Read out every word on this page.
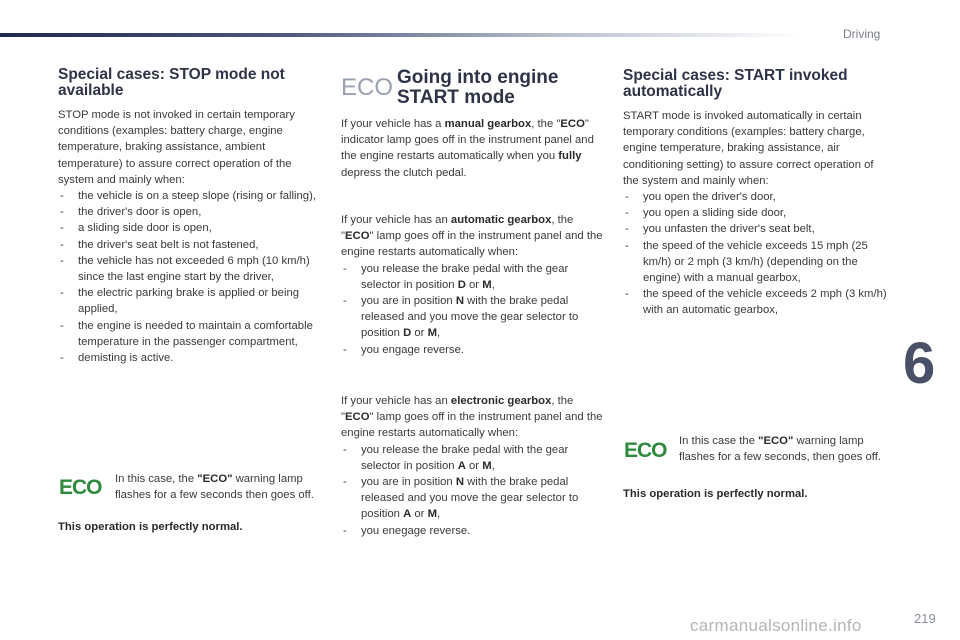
Driving
6
219
carmanualsonline.info
Special cases: STOP mode not available

STOP mode is not invoked in certain temporary conditions (examples: battery charge, engine temperature, braking assistance, ambient temperature) to assure correct operation of the system and mainly when:

- the vehicle is on a steep slope (rising or falling),
- the driver's door is open,
- a sliding side door is open,
- the driver's seat belt is not fastened,
- the vehicle has not exceeded 6 mph (10 km/h) since the last engine start by the driver,
- the electric parking brake is applied or being applied,
- the engine is needed to maintain a comfortable temperature in the passenger compartment,
- demisting is active.
ECO In this case, the "ECO" warning lamp flashes for a few seconds then goes off.
This operation is perfectly normal.
ECO Going into engine
START mode
If your vehicle has a manual gearbox, the "ECO" indicator lamp goes off in the instrument panel and the engine restarts automatically when you fully depress the clutch pedal.

If your vehicle has an automatic gearbox, the "ECO" lamp goes off in the instrument panel and the engine restarts automatically when:

- you release the brake pedal with the gear selector in position D or M,
- you are in position N with the brake pedal released and you move the gear selector to position D or M,
- you engage reverse.

If your vehicle has an electronic gearbox, the "ECO" lamp goes off in the instrument panel and the engine restarts automatically when:

- you release the brake pedal with the gear selector in position A or M,
- you are in position N with the brake pedal released and you move the gear selector to position A or M,
- you enegage reverse.
Special cases: START invoked automatically

START mode is invoked automatically in certain temporary conditions (examples: battery charge, engine temperature, braking assistance, air conditioning setting) to assure correct operation of the system and mainly when:

- you open the driver's door,
- you open a sliding side door,
- you unfasten the driver's seat belt,
- the speed of the vehicle exceeds 15 mph (25 km/h) or 2 mph (3 km/h) (depending on the engine) with a manual gearbox,
- the speed of the vehicle exceeds 2 mph (3 km/h) with an automatic gearbox,
ECO In this case the "ECO" warning lamp flashes for a few seconds, then goes off.
This operation is perfectly normal.
